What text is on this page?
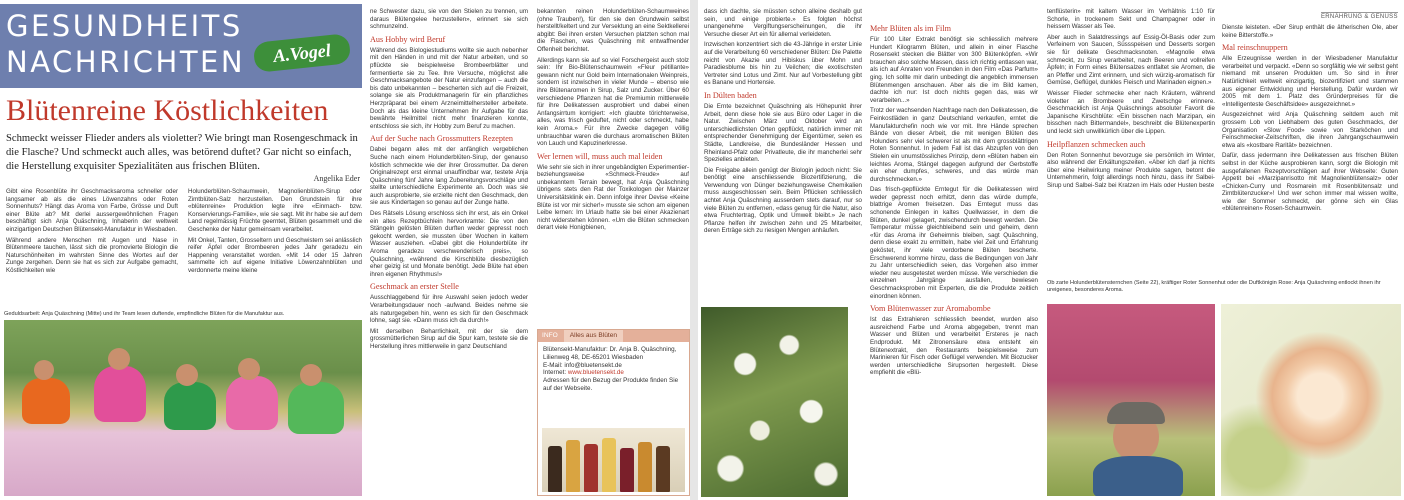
GESUNDHEITS
NACHRICHTEN	A.Vogel
Blütenreine Köstlichkeiten
Schmeckt weisser Flieder anders als violetter? Wie bringt man Rosengeschmack in die Flasche? Und schmeckt auch alles, was betörend duftet? Gar nicht so einfach, die Herstellung exquisiter Spezialitäten aus frischen Blüten.
Angelika Eder

Gibt eine Rosenblüte ihr Geschmacksaroma schneller oder langsamer ab als die eines Löwenzahns oder Roten Sonnenhuts? Hängt das Aroma von Farbe, Grösse und Duft einer Blüte ab? Mit derlei aussergewöhnlichen Fragen beschäftigt sich Anja Quäschning, Inhaberin der weltweit einzigartigen Deutschen Blütensekt-Manufaktur in Wiesbaden.

Während andere Menschen mit Augen und Nase in Blütenmeere tauchen, lässt sich die promovierte Biologin die Naturschönheiten im wahrsten Sinne des Wortes auf der Zunge zergehen. Denn sie hat es sich zur Aufgabe gemacht, Köstlichkeiten wie

Holunderblüten-Schaumwein, Magnolienblüten-Sirup oder Zimtblüten-Salz herzustellen. Den Grundstein für ihre «blütenreine» Produktion legte ihre «Einmach- bzw. Konservierungs-Familie», wie sie sagt. Mit ihr habe sie auf dem Land regelmässig Früchte geerntet, Blüten gesammelt und die Geschenke der Natur gemeinsam verarbeitet.

Mit Onkel, Tanten, Grosseltern und Geschwistern sei anlässlich reifer Äpfel oder Brombeeren jedes Jahr geradezu ein Happening veranstaltet worden. «Mit 14 oder 15 Jahren sammelte ich auf eigene Initiative Löwenzahnblüten und verdonnerte meine kleine

Geduldsarbeit: Anja Quäschning (Mitte) und ihr Team lesen duftende, empfindliche Blüten für die Manufaktur aus.

ne Schwester dazu, sie von den Stielen zu trennen, um daraus Blütengelee herzustellen», erinnert sie sich schmunzelnd.

Aus Hobby wird Beruf

Während des Biologiestudiums wollte sie auch nebenher mit den Händen in und mit der Natur arbeiten, und so pflückte sie beispielweise Brombeerblätter und fermentierte sie zu Tee. Ihre Versuche, möglichst alle Geschmacksangebote der Natur einzufangen – auch die bis dato unbekannten – bescherten sich auf die Freizeit, solange sie als Produktmanagerin für ein pflanzliches Herzpräparat bei einem Arzneimittelhersteller arbeitete. Doch als das kleine Unternehmen ihr Aufgabe für das bewährte Heilmittel nicht mehr finanzieren konnte, entschloss sie sich, ihr Hobby zum Beruf zu machen.

Auf der Suche nach Grossmutters Rezepten

Dabei begann alles mit der anfänglich vergeblichen Suche nach einem Holunderblüten-Sirup, der genauso köstlich schmeckte wie der ihrer Grossmutter. Da deren Originalrezept erst einmal unauffindbar war, testete Anja Quäschning fünf Jahre lang Zubereitungsvorschläge und stellte unterschiedliche Experimente an. Doch was sie auch ausprobierte, sie erzielte nicht den Geschmack, den sie aus Kindertagen so genau auf der Zunge hatte.

Des Rätsels Lösung erschloss sich ihr erst, als ein Onkel ein altes Rezeptbüchlein hervorkramte: Die von den Stängeln gelösten Blüten durften weder gepresst noch gekocht werden, sie mussten über Wochen in kaltem Wasser ausziehen. «Dabei gibt die Holunderblüte ihr Aroma geradezu verschwenderisch preis», so Quäschning, «während die Kirschblüte diesbezüglich eher geizig ist und Monate benötigt. Jede Blüte hat eben ihren eigenen Rhythmus!»

Geschmack an erster Stelle

Ausschlaggebend für ihre Auswahl seien jedoch weder Verarbeitungsdauer noch -aufwand. Beides nehme sie als naturgegeben hin, wenn es sich für den Geschmack lohne, sagt sie. «Dann muss ich da durch!»

Mit derselben Beharrlichkeit, mit der sie dem grossmütterlichen Sirup auf die Spur kam, testete sie die Herstellung ihres mittlerweile in ganz Deutschland

bekannten reinen Holunderblüten-Schaumweines (ohne Trauben!), für den sie den Grundwein selbst herstellt/keltert und zur Versektung an eine Sektkellerei abgibt: Bei ihren ersten Versuchen platzten schon mal die Flaschen, was Quäschning mit entwaffnender Offenheit berichtet.

Allerdings kann sie auf so viel Forschergeist auch stolz sein: Ihr Bio-Blütenschaumwein «Fleur pétillante» gewann nicht nur Gold beim Internationalen Weinpreis, sondern ist inzwischen in vieler Munde – ebenso wie ihre Blütenaromen in Sirup, Salz und Zucker. Über 60 verschiedene Pflanzen hat die Premiumin mittlerweile für ihre Delikatessen ausprobiert und dabei einen Anfangsirrtum korrigiert: «Ich glaubte törichterweise, alles, was frisch geduftet, nicht oder schmeckt, habe kein Aroma.» Für ihre Zwecke dagegen völlig unbrauchbar waren die durchaus aromatischen Blüten von Lauch und Kapuzinerkresse.

Wer lernen will, muss auch mal leiden

Wie sehr sie sich in ihrer ungebändigten Experimentier- beziehungsweise «Schmeck-Freude» auf unbekanntem Terrain bewegt, hat Anja Quäschning übrigens stets den Rat der Toxikologen der Mainzer Universitätsklinik ein. Denn infolge ihrer Devise «Keine Blüte ist vor mir sicher!» musste sie schon am eigenen Leibe lernen: Im Urlaub hatte sie bei einer Akazienart nicht widerstehen können. «Um die Blüten schmecken derart viele Honigbienen,

INFO Alles aus Blüten
Blütensekt-Manufaktur: Dr. Anja B. Quäschning,
Lilienweg 48, DE-65201 Wiesbaden
E-Mail: info@bluetensekt.de
Internet: www.bluetensekt.de
Adressen für den Bezug der Produkte finden Sie auf der Webseite.

dass ich dachte, sie müssten schon alleine deshalb gut sein, und einige probierte.» Es folgten höchst unangenehme Vergiftungserscheinungen, die ihr Versuche dieser Art ein für allemal verleideten.

Inzwischen konzentriert sich die 43-Jährige in erster Linie auf die Verarbeitung 60 verschiedener Blüten: Die Palette reicht von Akazie und Hibiskus über Mohn und Paradiesblume bis hin zu Veilchen; die exotischsten Vertreter sind Lotus und Zimt. Nur auf Vorbestellung gibt es Banane und Hortensie.

In Dülten baden

Die Ernte bezeichnet Quäschning als Höhepunkt ihrer Arbeit, denn diese hole sie aus Büro oder Lager in die Natur. Zwischen März und Oktober wird an unterschiedlichsten Orten gepflückt, natürlich immer mit entsprechender Genehmigung der Eigentümer, seien es Städte, Landkreise, die Bundesländer Hessen und Rheinland-Pfalz oder Privatleute, die ihr mancherlei sehr Spezielles anbieten.

Die Freigabe allein genügt der Biologin jedoch nicht: Sie benötigt eine anschliessende Biozertifizierung, die Verwendung von Dünger beziehungsweise Chemikalien muss ausgeschlossen sein. Beim Pflücken schliesslich achtet Anja Quäschning ausserdem stets darauf, nur so viele Blüten zu entfernen, «dass genug für die Natur, also etwa Fruchtertrag, Optik und Umwelt bleibt.» Je nach Pflanze helfen ihr zwischen zehn und 25 Mitarbeiter, deren Erträge sich zu riesigen Mengen anhäufen.

Mehr Blüten als im Film

Für 100 Liter Extrakt benötigt sie schliesslich mehrere Hundert Kilogramm Blüten, und allein in einer Flasche Rosensekt stecken die Blätter von 300 Blütenköpfen. «Wir brauchen also solche Massen, dass ich richtig entlassen war, als ich auf Anraten von Freunden in den Film «Das Parfum» ging. Ich sollte mir darin unbedingt die angeblich immensen Blütenmengen anschauen. Aber als die im Bild kamen, dachte ich nur: Ist doch nichts gegen das, was wir verarbeiten...»

Trotz der wachsenden Nachfrage nach den Delikatessen, die Feinkostläden in ganz Deutschland verkaufen, erntet die Manufakturchefin noch wie vor mit. Ihre Hände sprechen Bände von dieser Arbeit, die mit wenigen Blüten des Holunders sehr viel schwerer ist als mit dem grossblättrigen Roten Sonnenhut. In jedem Fall ist das Abzupfen von den Stielen ein unumstössliches Prinzip, denn «Blüten haben ein leichtes Aroma, Stängel dagegen aufgrund der Gerbstoffe ein eher dumpfes, schweres, und das würde man durchschmecken.»

Das frisch-gepflückte Erntegut für die Delikatessen wird weder gepresst noch erhitzt, denn das würde dumpfe, blattrige Aromen freisetzen. Das Erntegut muss das schonende Einlegen in kaltes Quellwasser, in dem die Blüten, dunkel gelagert, zwischendurch bewegt werden. Die Temperatur müsse gleichbleibend sein und geheim, denn «für das Aroma ihr Geheimnis bleiben, sagt Quäschning, denn diese exakt zu ermitteln, habe viel Zeit und Erfahrung geköstet, ihr viele verdorbene Blüten bescherte. Erschwerend komme hinzu, dass die Bedingungen von Jahr zu Jahr unterschiedlich seien, das Vorgehen also immer wieder neu ausgetestet werden müsse. Wie verschieden die einzelnen Jahrgänge ausfallen, bewiesen Geschmacksproben mit Experten, die die Produkte zeitlich einordnen können.

Vom Blütenwasser zur Aromabombe

Ist das Extrahieren schliesslich beendet, wurden also ausreichend Farbe und Aroma abgegeben, trennt man Wasser und Blüten und verarbeitet Ersteres je nach Endprodukt. Mit Zitronensäure etwa entsteht ein Blütenextrakt, den Restaurants beispielsweise zum Marinieren für Fisch oder Geflügel verwenden. Mit Biozucker werden unterschiedliche Sirupsorten hergestellt. Diese empfiehlt die «Blü-

tenflüsterin» mit kaltem Wasser im Verhältnis 1:10 für Schorle, in trockenem Sekt und Champagner oder in heissem Wasser als Tee.

Aber auch in Salatdressings auf Essig-Öl-Basis oder zum Verfeinern von Saucen, Süssspeisen und Desserts sorgen sie für delikate Geschmacksnoten. «Magnolie etwa schmeckt, zu Sirup verarbeitet, nach Beeren und vollreifen Äpfeln; in Form eines Blütensalzes entfaltet sie Aromen, die an Pfeffer und Zimt erinnern, und sich würzig-aromatisch für Gemüse, Geflügel, dunkles Fleisch und Marinaden eignen.»

Weisser Flieder schmecke eher nach Kräutern, während violetter an Brombeere und Zwetschge erinnere. Geschmacklich ist Anja Quäschnings absoluter Favorit die Japanische Kirschblüte: «Ein bisschen nach Marzipan, ein bisschen nach Bittermandel», beschreibt die Blütenexpertin und leckt sich unwillkürlich über die Lippen.

Heilpflanzen schmecken auch

Den Roten Sonnenhut bevorzuge sie persönlich im Winter, also während der Erkältungszeiten. «Aber ich darf ja nichts über eine Heilwirkung meiner Produkte sagen, betont die Unternehmerin, folgt allerdings noch hinzu, dass ihr Salbei-Sirup und Salbei-Salz bei Kratzen im Hals oder Husten beste

ERNÄHRUNG & GENUSS

Dienste leisteten. «Der Sirup enthält die ätherischen Öle, aber keine Bitterstoffe.»

Mal reinschnuppern

Alle Erzeugnisse werden in der Wiesbadener Manufaktur verarbeitet und verpackt. «Denn so sorgfältig wie wir selbst geht niemand mit unseren Produkten um. So sind in ihrer Natürlichkeit weltweit einzigartig, biozertifiziert und stammen aus eigener Entwicklung und Herstellung. Dafür wurden wir 2005 mit dem 1. Platz des Gründerpreises für die «Intelligenteste Geschäftsidee» ausgezeichnet.»

Ausgezeichnet wird Anja Quäschning seitdem auch mit grossem Lob von Liebhabern des guten Geschmacks, der Organisation «Slow Food» sowie von Starköchen und Feinschmecker-Zeitschriften, die ihren Jahrgangschaumwein etwa als «kostbare Rarität» bezeichnen.

Dafür, dass jedermann ihre Delikatessen aus frischen Blüten selbst in der Küche ausprobieren kann, sorgt die Biologin mit ausgefallenen Rezeptvorschlägen auf ihrer Webseite: Guten Appetit bei «Marzipanrisotto mit Magnolienblütensalz» oder «Chicken-Curry und Rosmarein mit Rosenblütensalz und Zimtblütenzucker»! Und wer schon immer mal wissen wollte, wie der Sommer schmeckt, der gönne sich ein Glas «blütenreinen» Rosen-Schaumwein.

Ob zarte Holunderblütensternchen (Seite 22), kräftiger Roter Sonnenhut oder die Duftkönigin Rose: Anja Quäschning entlockt ihnen ihr ureigenes, besonderes Aroma.
